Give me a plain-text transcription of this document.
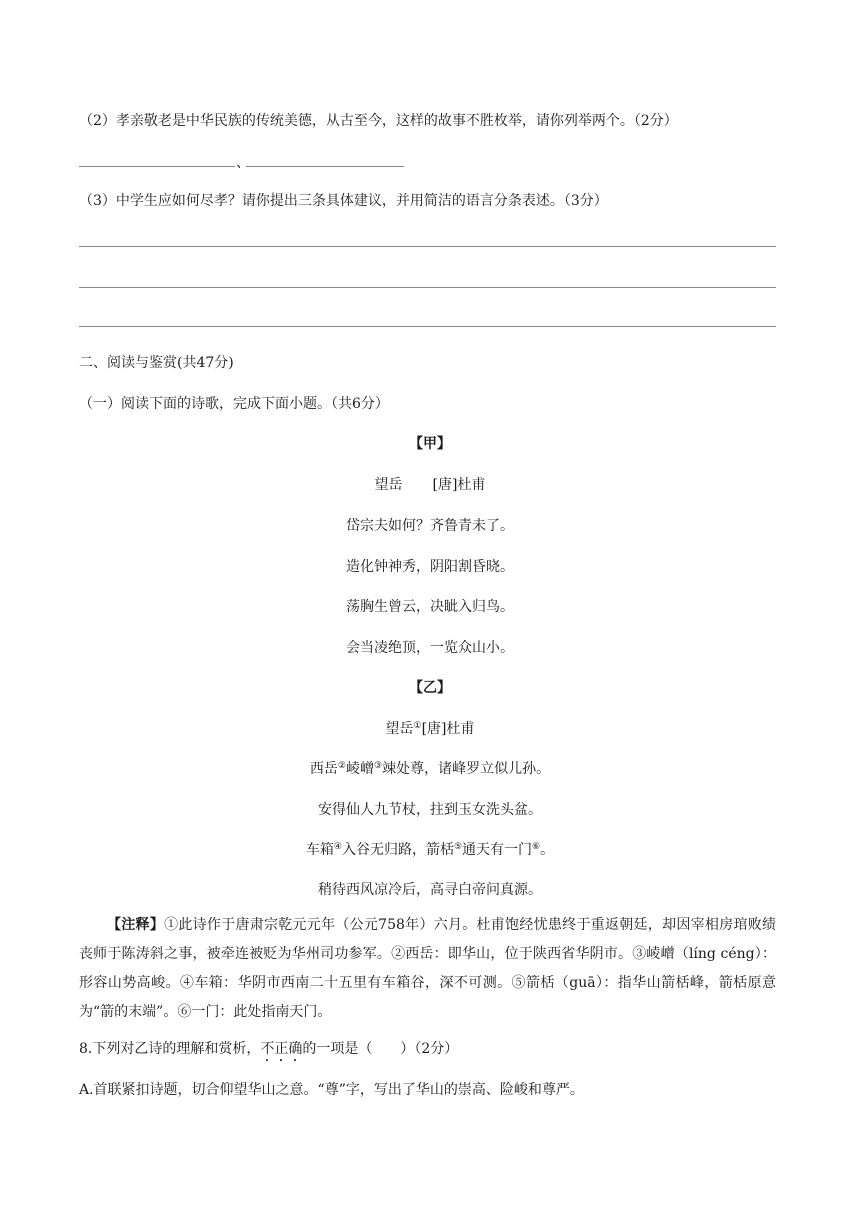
（2）孝亲敬老是中华民族的传统美德，从古至今，这样的故事不胜枚举，请你列举两个。（2分）
、
（3）中学生应如何尽孝？请你提出三条具体建议，并用简洁的语言分条表述。（3分）
二、阅读与鉴赏(共47分)
（一）阅读下面的诗歌，完成下面小题。（共6分）
【甲】
望岳 [唐]杜甫
岱宗夫如何？齐鲁青未了。
造化钟神秀，阴阳割昏晓。
荡胸生曾云，决眦入归鸟。
会当凌绝顶，一览众山小。
【乙】
望岳①[唐]杜甫
西岳②崚嶒③竦处尊，诸峰罗立似儿孙。
安得仙人九节杖，拄到玉女洗头盆。
车箱④入谷无归路，箭栝⑤通天有一门⑥。
稍待西风凉冷后，高寻白帝问真源。
【注释】①此诗作于唐肃宗乾元元年（公元758年）六月。杜甫饱经忧患终于重返朝廷，却因宰相房琯败绩丧师于陈涛斜之事，被牵连被贬为华州司功参军。②西岳：即华山，位于陕西省华阴市。③崚嶒（líng céng）：形容山势高峻。④车箱：华阴市西南二十五里有车箱谷，深不可测。⑤箭栝（guā）：指华山箭栝峰，箭栝原意为“箭的末端”。⑥一门：此处指南天门。
8.下列对乙诗的理解和赏析，不正确的一项是（　　）（2分）
A.首联紧扣诗题，切合仰望华山之意。“尊”字，写出了华山的崇高、险峻和尊严。
